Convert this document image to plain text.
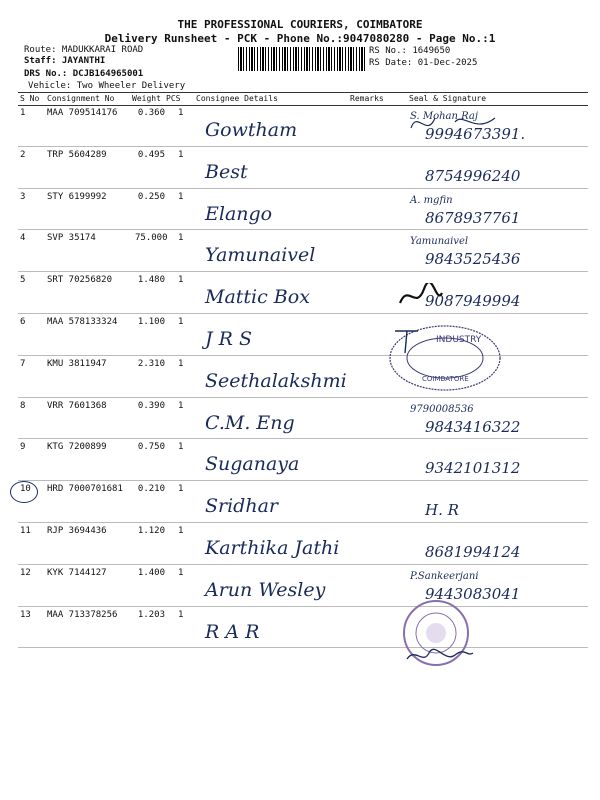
THE PROFESSIONAL COURIERS, COIMBATORE
Delivery Runsheet - PCK - Phone No.:9047080280 - Page No.:1
Route: MADUKKARAI ROAD
Staff: JAYANTHI
DRS No.: DCJB164965001
Vehicle: Two Wheeler Delivery
RS No.: 1649650
RS Date: 01-Dec-2025
S No Consignment No Weight PCS Consignee Details	Remarks	Seal & Signature
1 MAA 709514176	0.360 1
Gowtham	9994673391.
S. Mohan Raj
2 TRP 5604289	0.495 1
Best	8754996240
3 STY 6199992	0.250 1
Elango	8678937761
A. mgfin
4 SVP 35174	75.000 1
Yamunaivel	9843525436
Yamunaivel
5 SRT 70256820	1.480 1
Mattic Box	9087949994
6 MAA 578133324	1.100 1
J R S
7 KMU 3811947	2.310 1
Seethalakshmi
8 VRR 7601368	0.390 1
C.M. Eng	9843416322
9790008536
9 KTG 7200899	0.750 1
Suganaya	9342101312
10 HRD 7000701681	0.210 1
Sridhar	H. R
11 RJP 3694436	1.120 1
Karthika Jathi	8681994124
12 KYK 7144127	1.400 1
Arun Wesley	9443083041
P.Sankeerjani
13 MAA 713378256	1.203 1
R A R
INDUSTRY
COIMBATORE
